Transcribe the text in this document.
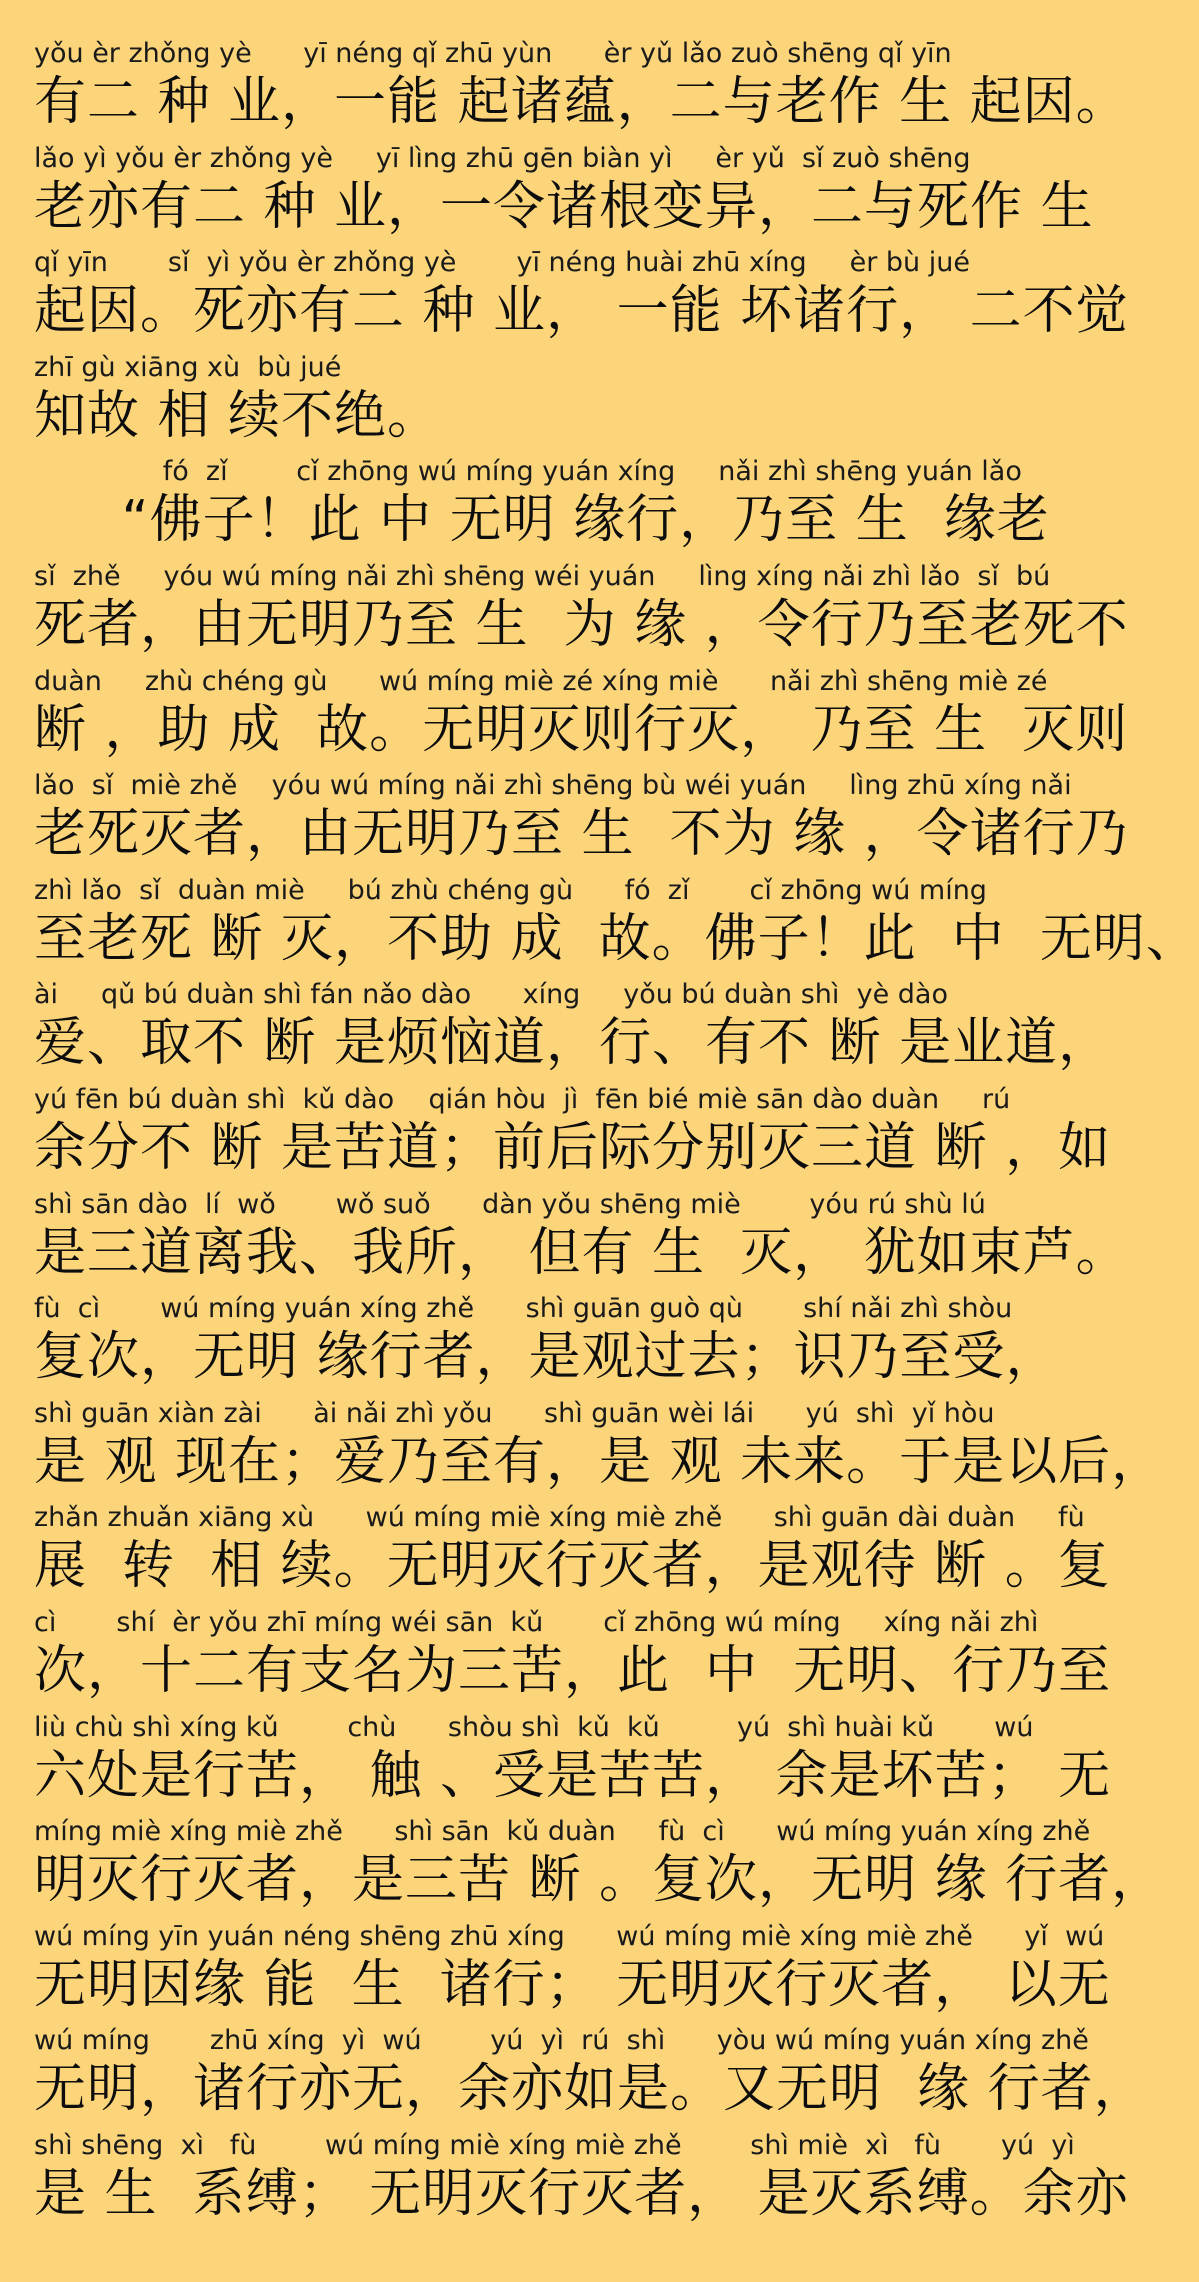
yǒu èr zhǒng yè      yī néng qǐ zhū yùn      èr yǔ lǎo zuò shēng qǐ yīn
有二 种 业，一能 起诸蕴，二与老作 生 起因。
lǎo yì yǒu èr zhǒng yè     yī lìng zhū gēn biàn yì     èr yǔ  sǐ zuò shēng
老亦有二 种 业，一令诸根变异，二与死作 生
qǐ yīn       sǐ  yì yǒu èr zhǒng yè       yī néng huài zhū xíng     èr bù jué
起因。死亦有二 种 业， 一能 坏诸行， 二不觉
zhī gù xiāng xù  bù jué
知故 相 续不绝。
fó  zǐ        cǐ zhōng wú míng yuán xíng     nǎi zhì shēng yuán lǎo
“佛子！此 中 无明 缘行，乃至 生  缘老
sǐ  zhě     yóu wú míng nǎi zhì shēng wéi yuán     lìng xíng nǎi zhì lǎo  sǐ  bú
死者，由无明乃至 生  为 缘 ，令行乃至老死不
duàn     zhù chéng gù      wú míng miè zé xíng miè      nǎi zhì shēng miè zé
断 ，助 成  故。无明灭则行灭， 乃至 生  灭则
lǎo  sǐ  miè zhě    yóu wú míng nǎi zhì shēng bù wéi yuán     lìng zhū xíng nǎi
老死灭者，由无明乃至 生  不为 缘 ，令诸行乃
zhì lǎo  sǐ  duàn miè     bú zhù chéng gù      fó  zǐ       cǐ zhōng wú míng
至老死 断 灭，不助 成  故。佛子！此  中  无明、
ài     qǔ bú duàn shì fán nǎo dào      xíng     yǒu bú duàn shì  yè dào
爱、取不 断 是烦恼道，行、有不 断 是业道，
yú fēn bú duàn shì  kǔ dào    qián hòu  jì  fēn bié miè sān dào duàn     rú
余分不 断 是苦道；前后际分别灭三道 断 ，如
shì sān dào  lí  wǒ       wǒ suǒ      dàn yǒu shēng miè        yóu rú shù lú
是三道离我、我所， 但有 生  灭， 犹如束芦。
fù  cì       wú míng yuán xíng zhě      shì guān guò qù       shí nǎi zhì shòu
复次，无明 缘行者，是观过去；识乃至受，
shì guān xiàn zài      ài nǎi zhì yǒu      shì guān wèi lái      yú  shì  yǐ hòu
是 观 现在；爱乃至有，是 观 未来。于是以后，
zhǎn zhuǎn xiāng xù      wú míng miè xíng miè zhě      shì guān dài duàn     fù
展  转  相 续。无明灭行灭者，是观待 断 。复
cì       shí  èr yǒu zhī míng wéi sān  kǔ       cǐ zhōng wú míng     xíng nǎi zhì
次，十二有支名为三苦，此  中  无明、行乃至
liù chù shì xíng kǔ        chù      shòu shì  kǔ  kǔ         yú  shì huài kǔ       wú
六处是行苦， 触 、受是苦苦， 余是坏苦； 无
míng miè xíng miè zhě      shì sān  kǔ duàn     fù  cì      wú míng yuán xíng zhě
明灭行灭者，是三苦 断 。复次，无明 缘 行者，
wú míng yīn yuán néng shēng zhū xíng      wú míng miè xíng miè zhě      yǐ  wú
无明因缘 能  生  诸行； 无明灭行灭者， 以无
wú míng       zhū xíng  yì  wú        yú  yì  rú  shì      yòu wú míng yuán xíng zhě
无明，诸行亦无，余亦如是。又无明  缘 行者，
shì shēng  xì   fù        wú míng miè xíng miè zhě        shì miè  xì   fù       yú  yì
是 生  系缚； 无明灭行灭者， 是灭系缚。余亦
